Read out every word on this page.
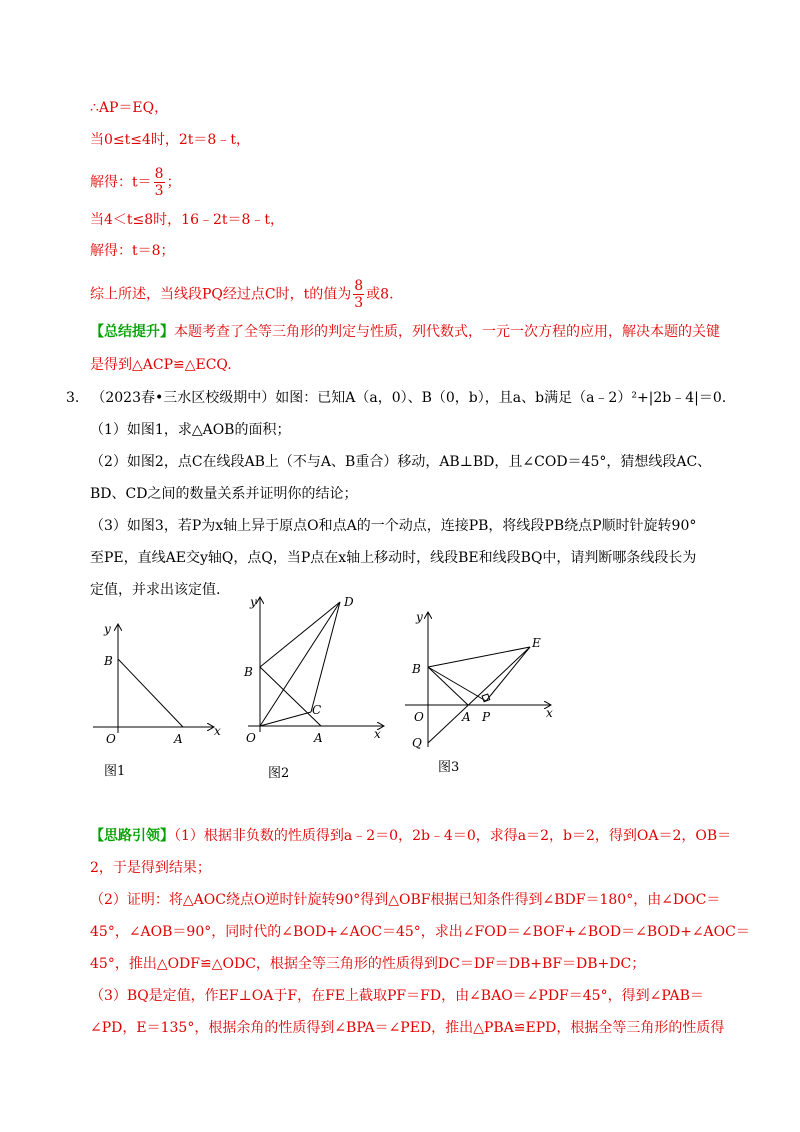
∴AP＝EQ，
当0≤t≤4时，2t＝8﹣t，
解得：$t= \frac{8}{3}$ ；
当4＜t≤8时，16﹣2t＝8﹣t，
解得：t＝8；
综上所述，当线段PQ经过点C时，t的值为 $\frac{8}{3}$ 或8.
【总结提升】本题考查了全等三角形的判定与性质，列代数式，一元一次方程的应用，解决本题的关键
是得到△ACP≌△ECQ.
3. （2023春•三水区校级期中）如图：已知A（a，0）、B（0，b），且a、b满足（a﹣2）²+|2b﹣4|＝0.
（1）如图1，求△AOB的面积；
（2）如图2，点C在线段AB上（不与A、B重合）移动，AB⊥BD，且∠COD＝45°，猜想线段AC、
BD、CD之间的数量关系并证明你的结论；
（3）如图3，若P为x轴上异于原点O和点A的一个动点，连接PB，将线段PB绕点P顺时针旋转90°
至PE，直线AE交y轴Q，点Q，当P点在x轴上移动时，线段BE和线段BQ中，请判断哪条线段长为
定值，并求出该定值.
y
x
B
O	A
图1
y
x
B
O	A
C
D
图2
y
x
B
O	A P
E
Q
图3
【思路引领】（1）根据非负数的性质得到a﹣2＝0，2b﹣4＝0，求得a＝2，b＝2，得到OA＝2，OB＝
2，于是得到结果；
（2）证明：将△AOC绕点O逆时针旋转90°得到△OBF根据已知条件得到∠BDF＝180°，由∠DOC＝
45°，∠AOB＝90°，同时代的∠BOD+∠AOC＝45°，求出∠FOD＝∠BOF+∠BOD＝∠BOD+∠AOC＝
45°，推出△ODF≌△ODC，根据全等三角形的性质得到DC＝DF＝DB+BF＝DB+DC；
（3）BQ是定值，作EF⊥OA于F，在FE上截取PF＝FD，由∠BAO＝∠PDF＝45°，得到∠PAB＝
∠PD，E＝135°，根据余角的性质得到∠BPA＝∠PED，推出△PBA≌EPD，根据全等三角形的性质得
